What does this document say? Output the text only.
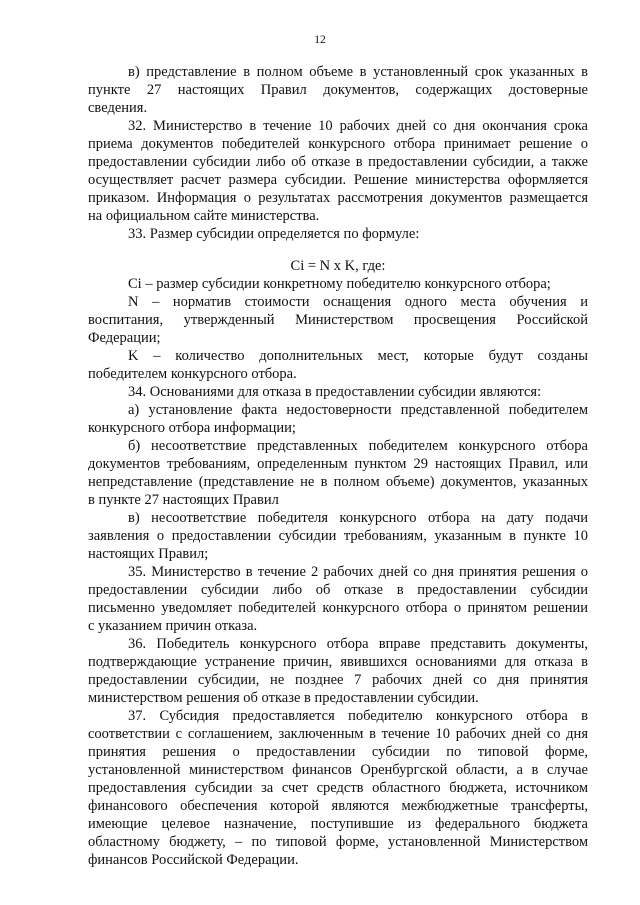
12
в) представление в полном объеме в установленный срок указанных в
пункте 27 настоящих Правил документов, содержащих достоверные
сведения.
32. Министерство в течение 10 рабочих дней со дня окончания срока
приема документов победителей конкурсного отбора принимает решение о
предоставлении субсидии либо об отказе в предоставлении субсидии, а также
осуществляет расчет размера субсидии. Решение министерства оформляется
приказом. Информация о результатах рассмотрения документов размещается
на официальном сайте министерства.
33. Размер субсидии определяется по формуле:
Ci = N x K, где:
Ci – размер субсидии конкретному победителю конкурсного отбора;
N – норматив стоимости оснащения одного места обучения и
воспитания, утвержденный Министерством просвещения Российской
Федерации;
K – количество дополнительных мест, которые будут созданы
победителем конкурсного отбора.
34. Основаниями для отказа в предоставлении субсидии являются:
а) установление факта недостоверности представленной победителем
конкурсного отбора информации;
б) несоответствие представленных победителем конкурсного отбора
документов требованиям, определенным пунктом 29 настоящих Правил, или
непредставление (представление не в полном объеме) документов, указанных
в пункте 27 настоящих Правил
в) несоответствие победителя конкурсного отбора на дату подачи
заявления о предоставлении субсидии требованиям, указанным в пункте 10
настоящих Правил;
35. Министерство в течение 2 рабочих дней со дня принятия решения о
предоставлении субсидии либо об отказе в предоставлении субсидии
письменно уведомляет победителей конкурсного отбора о принятом решении
с указанием причин отказа.
36. Победитель конкурсного отбора вправе представить документы,
подтверждающие устранение причин, явившихся основаниями для отказа в
предоставлении субсидии, не позднее 7 рабочих дней со дня принятия
министерством решения об отказе в предоставлении субсидии.
37. Субсидия предоставляется победителю конкурсного отбора в
соответствии с соглашением, заключенным в течение 10 рабочих дней со дня
принятия решения о предоставлении субсидии по типовой форме,
установленной министерством финансов Оренбургской области, а в случае
предоставления субсидии за счет средств областного бюджета, источником
финансового обеспечения которой являются межбюджетные трансферты,
имеющие целевое назначение, поступившие из федерального бюджета
областному бюджету, – по типовой форме, установленной Министерством
финансов Российской Федерации.
